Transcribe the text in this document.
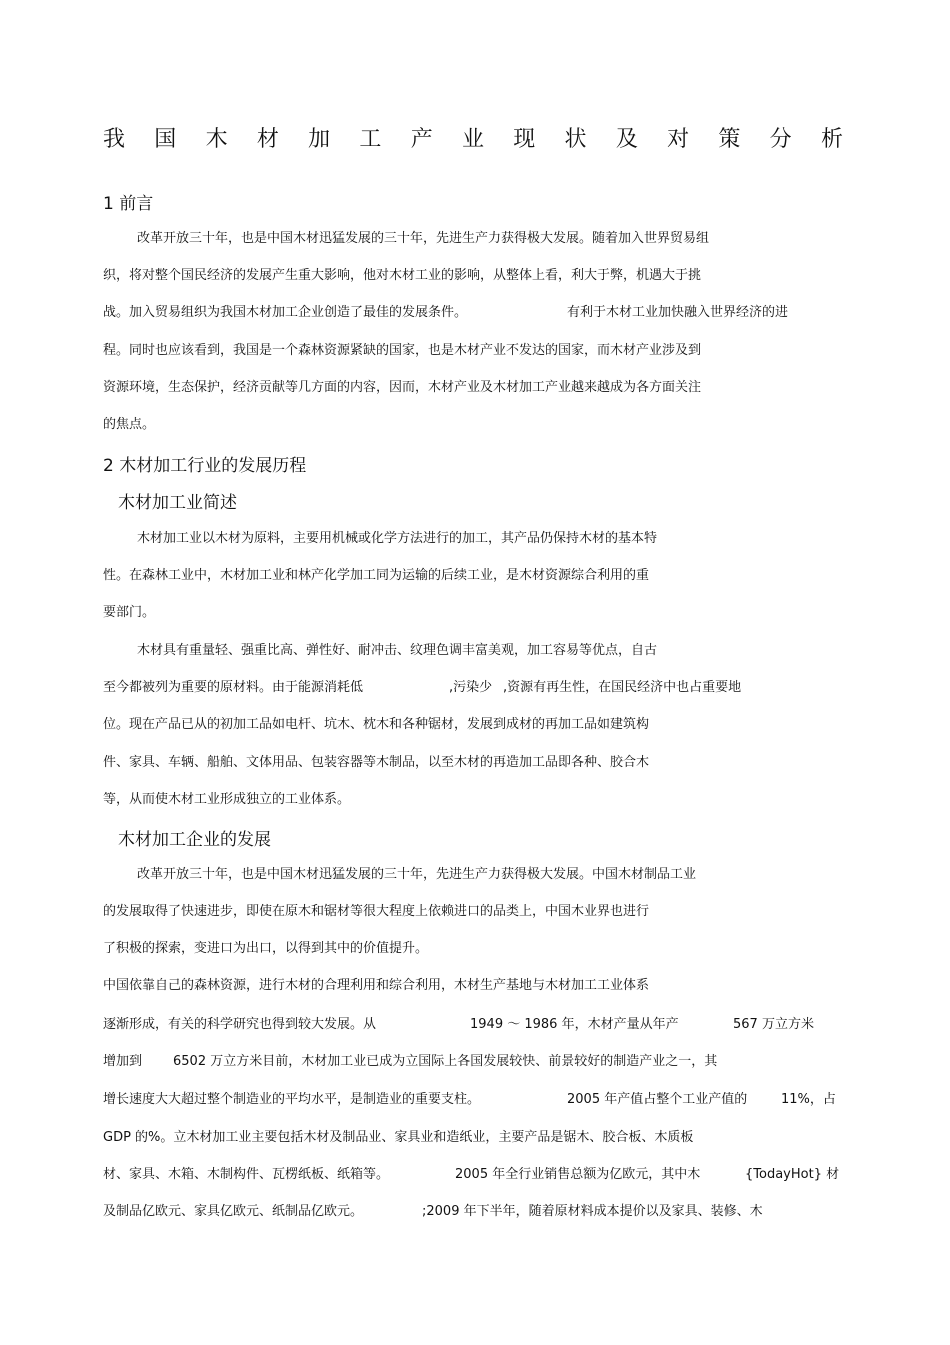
我 国 木 材 加 工 产 业 现 状 及 对 策 分 析
1 前言
改革开放三十年，也是中国木材迅猛发展的三十年，先进生产力获得极大发展。随着加入世界贸易组
织，将对整个国民经济的发展产生重大影响，他对木材工业的影响，从整体上看，利大于弊，机遇大于挑
战。加入贸易组织为我国木材加工企业创造了最佳的发展条件。	有利于木材工业加快融入世界经济的进
程。同时也应该看到，我国是一个森林资源紧缺的国家，也是木材产业不发达的国家，而木材产业涉及到
资源环境，生态保护，经济贡献等几方面的内容，因而，木材产业及木材加工产业越来越成为各方面关注
的焦点。
2 木材加工行业的发展历程
木材加工业简述
木材加工业以木材为原料，主要用机械或化学方法进行的加工，其产品仍保持木材的基本特
性。在森林工业中，木材加工业和林产化学加工同为运输的后续工业，是木材资源综合利用的重
要部门。
木材具有重量轻、强重比高、弹性好、耐冲击、纹理色调丰富美观，加工容易等优点，自古
至今都被列为重要的原材料。由于能源消耗低	,污染少 ,资源有再生性，在国民经济中也占重要地
位。现在产品已从的初加工品如电杆、坑木、枕木和各种锯材，发展到成材的再加工品如建筑构
件、家具、车辆、船舶、文体用品、包装容器等木制品，以至木材的再造加工品即各种、胶合木
等，从而使木材工业形成独立的工业体系。
木材加工企业的发展
改革开放三十年，也是中国木材迅猛发展的三十年，先进生产力获得极大发展。中国木材制品工业
的发展取得了快速进步，即使在原木和锯材等很大程度上依赖进口的品类上，中国木业界也进行
了积极的探索，变进口为出口，以得到其中的价值提升。
中国依靠自己的森林资源，进行木材的合理利用和综合利用，木材生产基地与木材加工工业体系
逐渐形成，有关的科学研究也得到较大发展。从	1949 ～ 1986 年，木材产量从年产	567 万立方米
增加到 6502 万立方米目前，木材加工业已成为立国际上各国发展较快、前景较好的制造产业之一，其
增长速度大大超过整个制造业的平均水平，是制造业的重要支柱。	2005 年产值占整个工业产值的	11%，占
GDP 的%。立木材加工业主要包括木材及制品业、家具业和造纸业，主要产品是锯木、胶合板、木质板
材、家具、木箱、木制构件、瓦楞纸板、纸箱等。	2005 年全行业销售总额为亿欧元，其中木	{TodayHot} 材
及制品亿欧元、家具亿欧元、纸制品亿欧元。	;2009 年下半年，随着原材料成本提价以及家具、装修、木
